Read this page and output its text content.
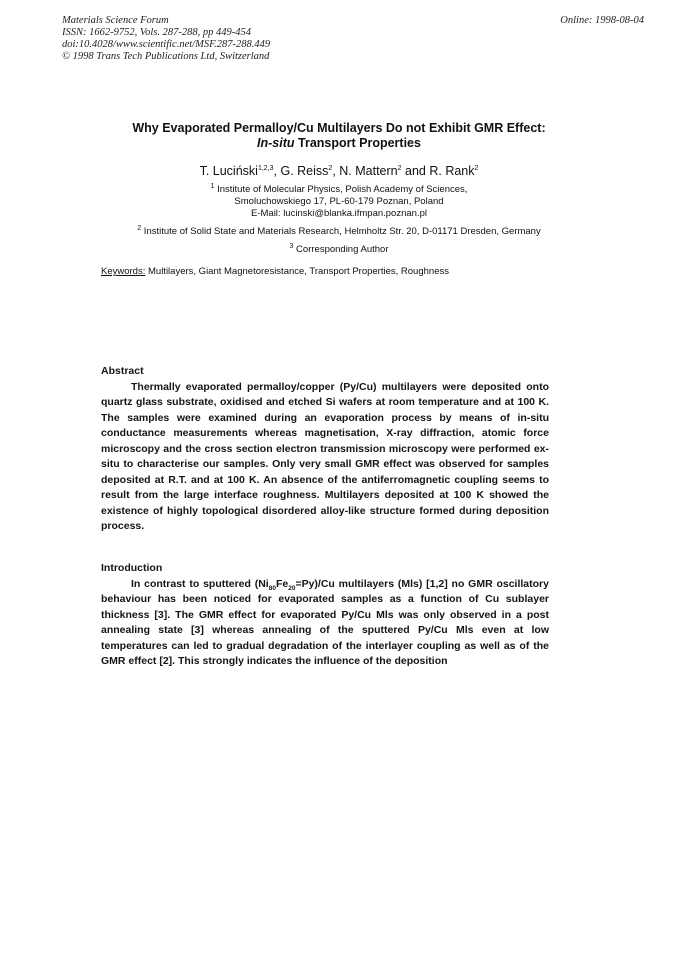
Materials Science Forum
ISSN: 1662-9752, Vols. 287-288, pp 449-454
doi:10.4028/www.scientific.net/MSF.287-288.449
© 1998 Trans Tech Publications Ltd, Switzerland
Online: 1998-08-04
Why Evaporated Permalloy/Cu Multilayers Do not Exhibit GMR Effect:
In-situ Transport Properties
T. Luciński$^{1,2,3}$, G. Reiss$^2$, N. Mattern$^2$ and R. Rank$^2$
$^1$ Institute of Molecular Physics, Polish Academy of Sciences,
Smoluchowskiego 17, PL-60-179 Poznan, Poland
E-Mail: lucinski@blanka.ifmpan.poznan.pl
$^2$ Institute of Solid State and Materials Research, Helmholtz Str. 20, D-01171 Dresden, Germany
$^3$ Corresponding Author
Keywords: Multilayers, Giant Magnetoresistance, Transport Properties, Roughness

Abstract

Thermally evaporated permalloy/copper (Py/Cu) multilayers were deposited onto quartz glass substrate, oxidised and etched Si wafers at room temperature and at 100 K. The samples were examined during an evaporation process by means of in-situ conductance measurements whereas magnetisation, X-ray diffraction, atomic force microscopy and the cross section electron transmission microscopy were performed ex-situ to characterise our samples. Only very small GMR effect was observed for samples deposited at R.T. and at 100 K. An absence of the antiferromagnetic coupling seems to result from the large interface roughness. Multilayers deposited at 100 K showed the existence of highly topological disordered alloy-like structure formed during deposition process.

Introduction

In contrast to sputtered $(Ni_{80}Fe_{20}=Py)/Cu$ multilayers (Mls) [1,2] no GMR oscillatory behaviour has been noticed for evaporated samples as a function of Cu sublayer thickness [3]. The GMR effect for evaporated Py/Cu Mls was only observed in a post annealing state [3] whereas annealing of the sputtered Py/Cu Mls even at low temperatures can led to gradual degradation of the interlayer coupling as well as of the GMR effect [2]. This strongly indicates the influence of the deposition
